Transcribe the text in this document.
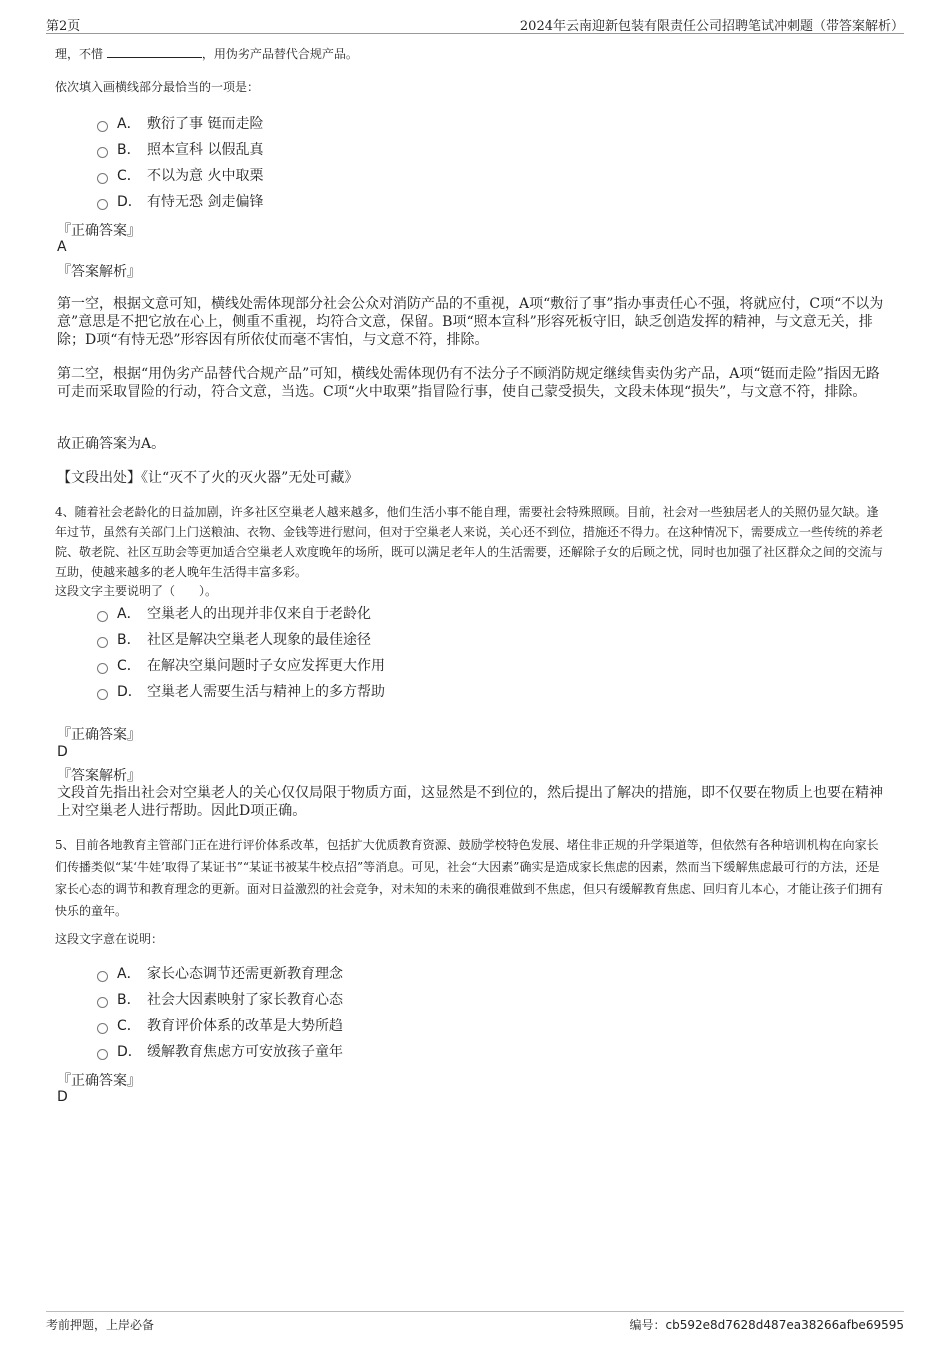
第2页	2024年云南迎新包装有限责任公司招聘笔试冲刺题（带答案解析）
理，不惜	，用伪劣产品替代合规产品。
依次填入画横线部分最恰当的一项是：
A． 敷衍了事 铤而走险
B． 照本宣科 以假乱真
C． 不以为意 火中取栗
D． 有恃无恐 剑走偏锋
『正确答案』
A
『答案解析』
第一空，根据文意可知，横线处需体现部分社会公众对消防产品的不重视，A项“敷衍了事”指办事责任心不强，将就应付，C项“不以为意”意思是不把它放在心上，侧重不重视，均符合文意，保留。B项“照本宣科”形容死板守旧，缺乏创造发挥的精神，与文意无关，排除；D项“有恃无恐”形容因有所依仗而毫不害怕，与文意不符，排除。
第二空，根据“用伪劣产品替代合规产品”可知，横线处需体现仍有不法分子不顾消防规定继续售卖伪劣产品，A项“铤而走险”指因无路可走而采取冒险的行动，符合文意，当选。C项“火中取栗”指冒险行事，使自己蒙受损失，文段未体现“损失”，与文意不符，排除。
故正确答案为A。
【文段出处】《让“灭不了火的灭火器”无处可藏》
4、随着社会老龄化的日益加剧，许多社区空巢老人越来越多，他们生活小事不能自理，需要社会特殊照顾。目前，社会对一些独居老人的关照仍显欠缺。逢年过节，虽然有关部门上门送粮油、衣物、金钱等进行慰问，但对于空巢老人来说，关心还不到位，措施还不得力。在这种情况下，需要成立一些传统的养老院、敬老院、社区互助会等更加适合空巢老人欢度晚年的场所，既可以满足老年人的生活需要，还解除子女的后顾之忧，同时也加强了社区群众之间的交流与互助，使越来越多的老人晚年生活得丰富多彩。
这段文字主要说明了（　　）。
A． 空巢老人的出现并非仅来自于老龄化
B． 社区是解决空巢老人现象的最佳途径
C． 在解决空巢问题时子女应发挥更大作用
D． 空巢老人需要生活与精神上的多方帮助
『正确答案』
D
『答案解析』
文段首先指出社会对空巢老人的关心仅仅局限于物质方面，这显然是不到位的，然后提出了解决的措施，即不仅要在物质上也要在精神上对空巢老人进行帮助。因此D项正确。
5、目前各地教育主管部门正在进行评价体系改革，包括扩大优质教育资源、鼓励学校特色发展、堵住非正规的升学渠道等，但依然有各种培训机构在向家长们传播类似“某‘牛娃’取得了某证书”“某证书被某牛校点招”等消息。可见，社会“大因素”确实是造成家长焦虑的因素，然而当下缓解焦虑最可行的方法，还是家长心态的调节和教育理念的更新。面对日益激烈的社会竞争，对未知的未来的确很难做到不焦虑，但只有缓解教育焦虑、回归育儿本心，才能让孩子们拥有快乐的童年。
这段文字意在说明：
A． 家长心态调节还需更新教育理念
B． 社会大因素映射了家长教育心态
C． 教育评价体系的改革是大势所趋
D． 缓解教育焦虑方可安放孩子童年
『正确答案』
D
考前押题，上岸必备	编号：cb592e8d7628d487ea38266afbe69595
